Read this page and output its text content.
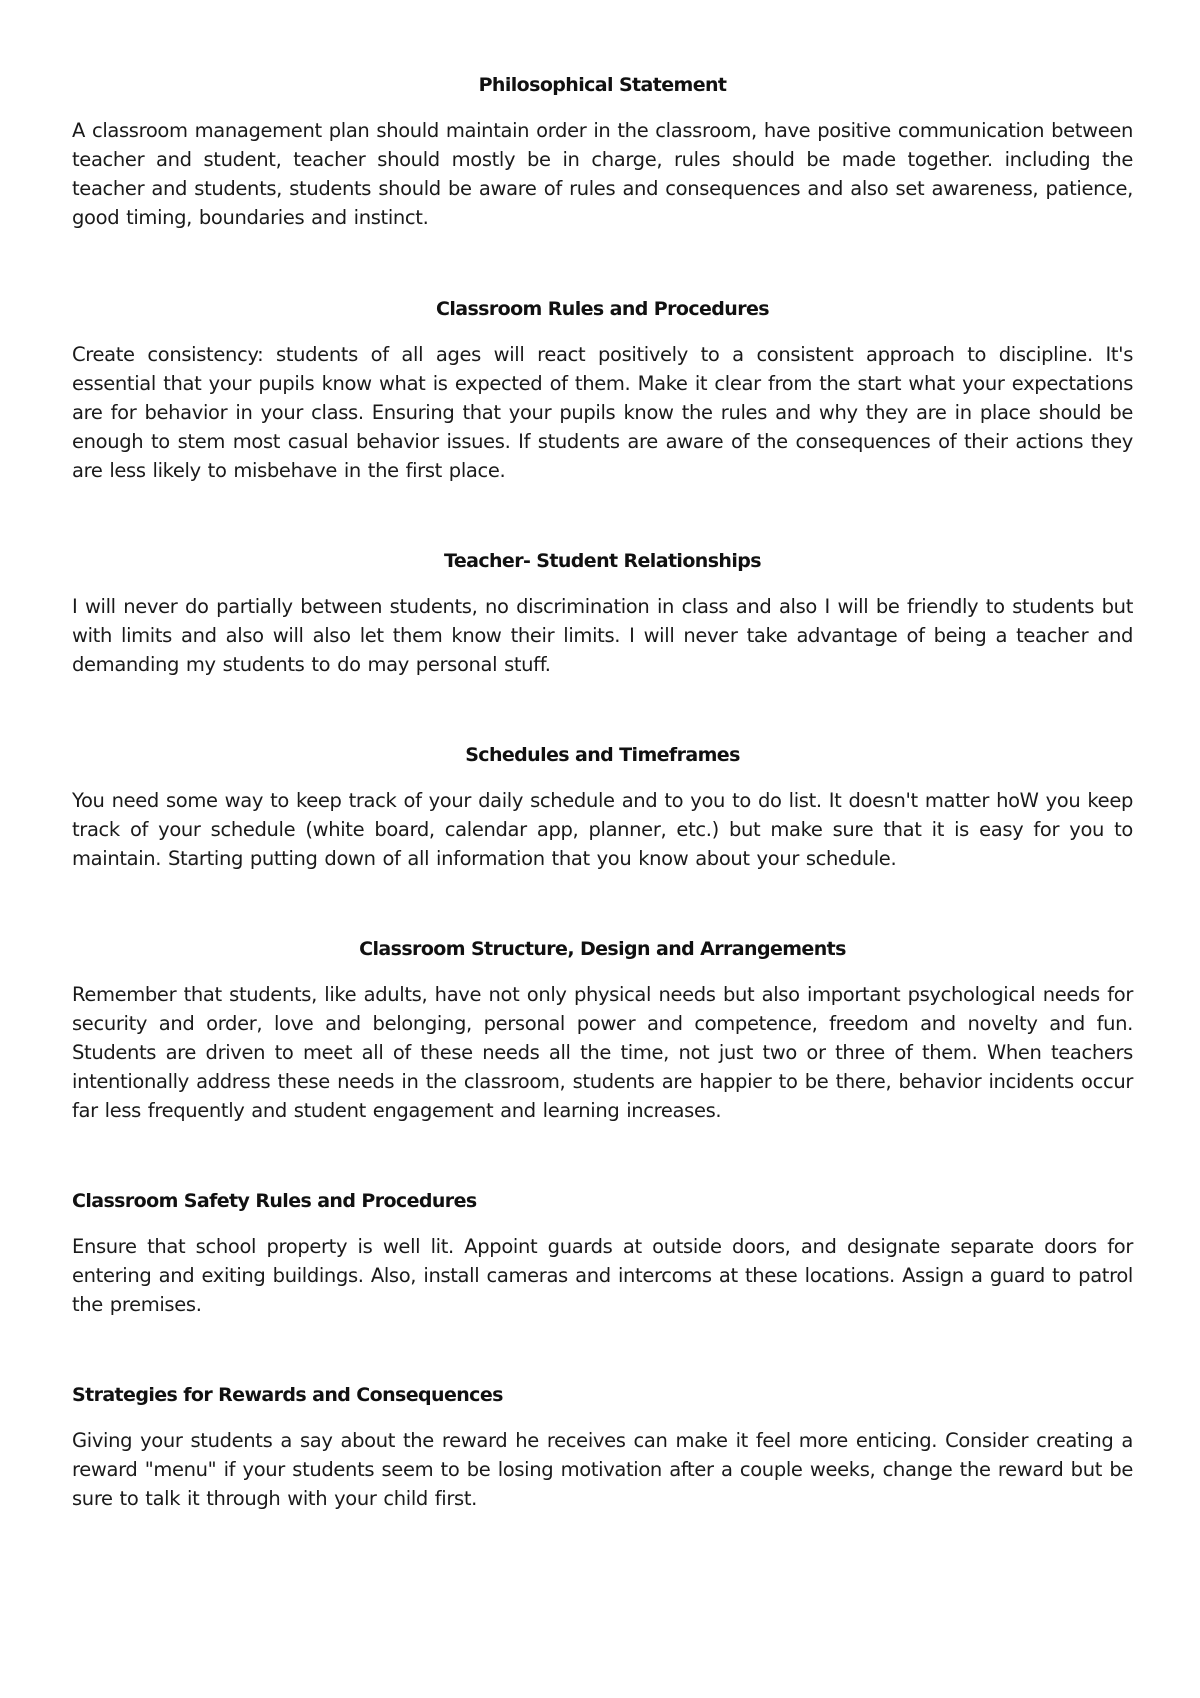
Philosophical Statement

A classroom management plan should maintain order in the classroom, have positive communication between teacher and student, teacher should mostly be in charge, rules should be made together. including the teacher and students, students should be aware of rules and consequences and also set awareness, patience, good timing, boundaries and instinct.

Classroom Rules and Procedures

Create consistency: students of all ages will react positively to a consistent approach to discipline. It's essential that your pupils know what is expected of them. Make it clear from the start what your expectations are for behavior in your class. Ensuring that your pupils know the rules and why they are in place should be enough to stem most casual behavior issues. If students are aware of the consequences of their actions they are less likely to misbehave in the first place.

Teacher- Student Relationships

I will never do partially between students, no discrimination in class and also I will be friendly to students but with limits and also will also let them know their limits. I will never take advantage of being a teacher and demanding my students to do may personal stuff.

Schedules and Timeframes

You need some way to keep track of your daily schedule and to you to do list. It doesn't matter hoW you keep track of your schedule (white board, calendar app, planner, etc.) but make sure that it is easy for you to maintain. Starting putting down of all information that you know about your schedule.

Classroom Structure, Design and Arrangements

Remember that students, like adults, have not only physical needs but also important psychological needs for security and order, love and belonging, personal power and competence, freedom and novelty and fun. Students are driven to meet all of these needs all the time, not just two or three of them. When teachers intentionally address these needs in the classroom, students are happier to be there, behavior incidents occur far less frequently and student engagement and learning increases.

Classroom Safety Rules and Procedures

Ensure that school property is well lit. Appoint guards at outside doors, and designate separate doors for entering and exiting buildings. Also, install cameras and intercoms at these locations. Assign a guard to patrol the premises.

Strategies for Rewards and Consequences

Giving your students a say about the reward he receives can make it feel more enticing. Consider creating a reward "menu" if your students seem to be losing motivation after a couple weeks, change the reward but be sure to talk it through with your child first.
